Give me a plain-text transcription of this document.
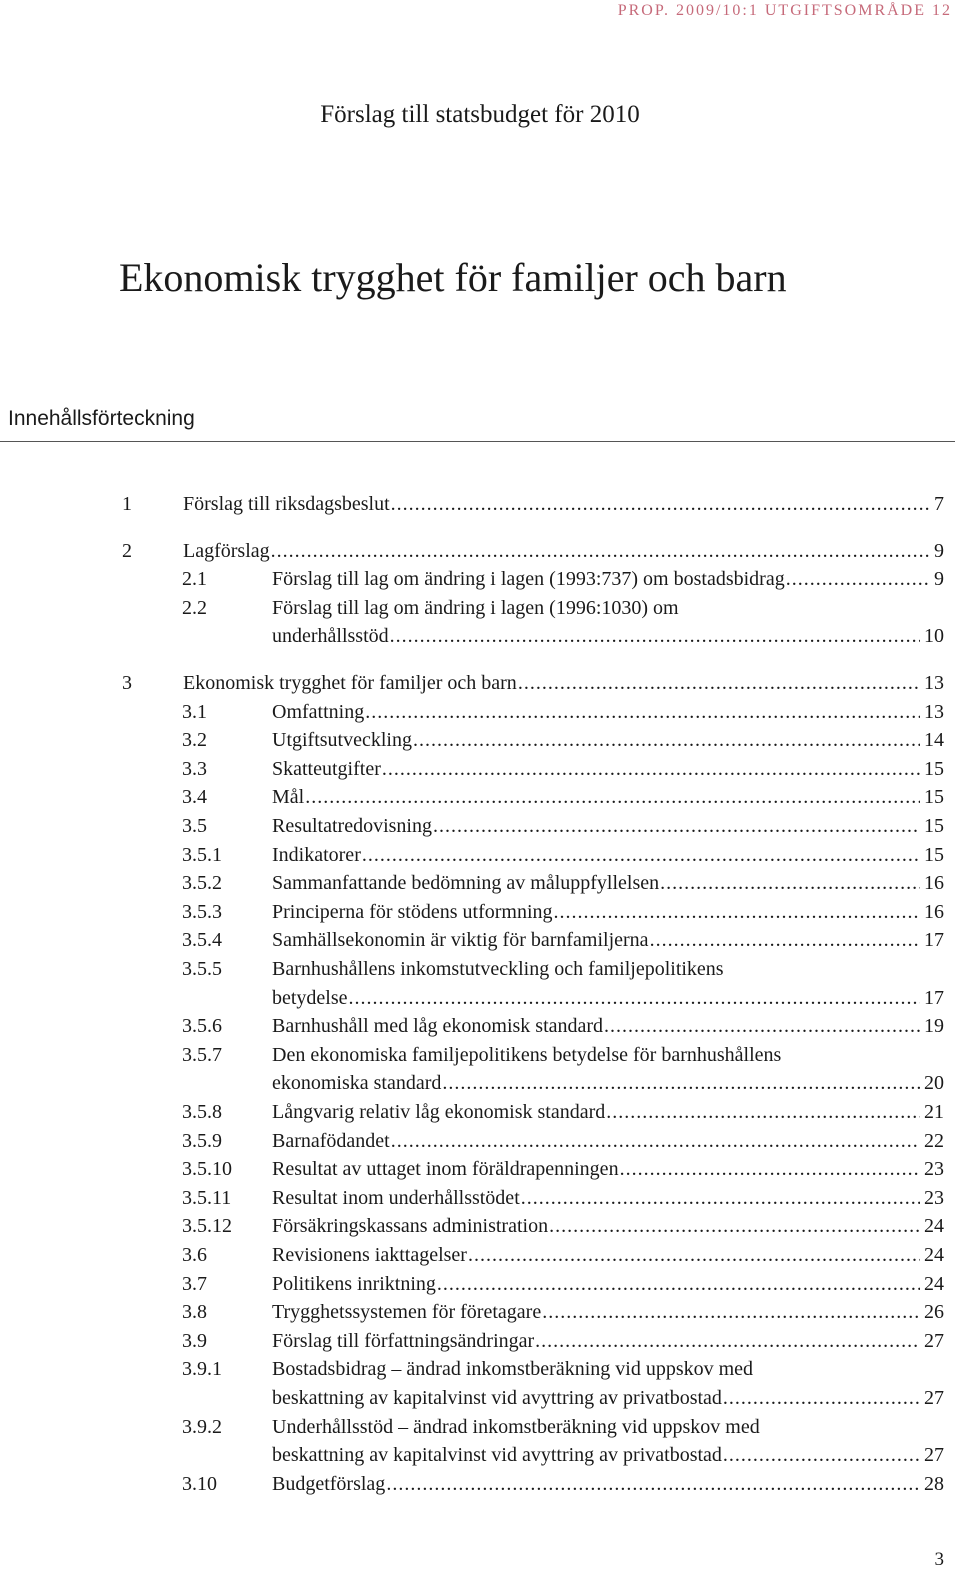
PROP. 2009/10:1 UTGIFTSOMRÅDE 12
Förslag till statsbudget för 2010
Ekonomisk trygghet för familjer och barn
Innehållsförteckning
1	Förslag till riksdagsbeslut .....	7
2	Lagförslag .....	9
2.1	Förslag till lag om ändring i lagen (1993:737) om bostadsbidrag .....	9
2.2	Förslag till lag om ändring i lagen (1996:1030) om
underhållsstöd .....	10
3	Ekonomisk trygghet för familjer och barn .....	13
3.1	Omfattning .....	13
3.2	Utgiftsutveckling .....	14
3.3	Skatteutgifter .....	15
3.4	Mål .....	15
3.5	Resultatredovisning .....	15
3.5.1	Indikatorer .....	15
3.5.2	Sammanfattande bedömning av måluppfyllelsen .....	16
3.5.3	Principerna för stödens utformning .....	16
3.5.4	Samhällsekonomin är viktig för barnfamiljerna .....	17
3.5.5	Barnhushållens inkomstutveckling och familjepolitikens
betydelse .....	17
3.5.6	Barnhushåll med låg ekonomisk standard .....	19
3.5.7	Den ekonomiska familjepolitikens betydelse för barnhushållens
ekonomiska standard .....	20
3.5.8	Långvarig relativ låg ekonomisk standard .....	21
3.5.9	Barnafödandet .....	22
3.5.10 Resultat av uttaget inom föräldrapenningen .....	23
3.5.11 Resultat inom underhållsstödet .....	23
3.5.12 Försäkringskassans administration .....	24
3.6	Revisionens iakttagelser .....	24
3.7	Politikens inriktning .....	24
3.8	Trygghetssystemen för företagare .....	26
3.9	Förslag till författningsändringar .....	27
3.9.1	Bostadsbidrag – ändrad inkomstberäkning vid uppskov med
beskattning av kapitalvinst vid avyttring av privatbostad .....	27
3.9.2	Underhållsstöd – ändrad inkomstberäkning vid uppskov med
beskattning av kapitalvinst vid avyttring av privatbostad .....	27
3.10	Budgetförslag .....	28
3
